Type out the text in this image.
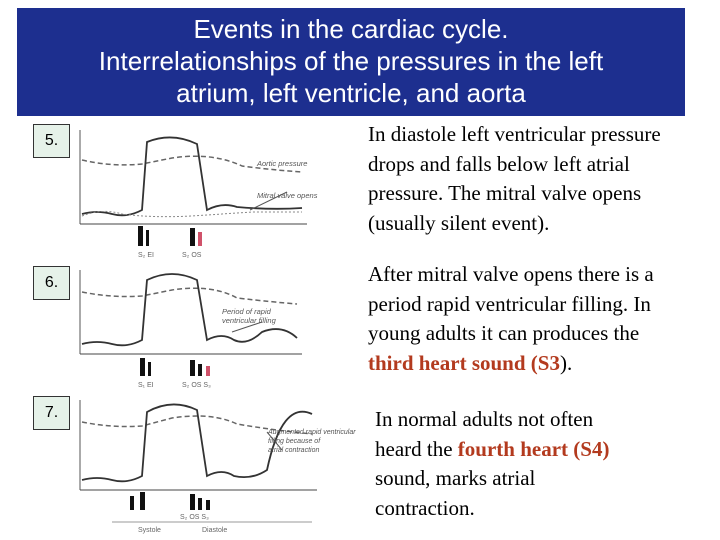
Events in the cardiac cycle.
Interrelationships of the pressures in the left
atrium, left ventricle, and aorta
5.
Aortic pressure
Mitral valve opens
S₂ EI	S₂ OS
In diastole left ventricular pressure
drops and falls below left atrial
pressure. The mitral valve opens
(usually silent event).
6.
Period of rapid
ventricular filling
S₁ EI	S₂ OS S₃
After mitral valve opens there is a
period rapid ventricular filling. In
young adults it can produces the
third heart sound (S3).
7.
Augmented rapid ventricular
filling because of
atrial contraction
S₂ OS S₃
Systole	Diastole
In normal adults not often
heard the fourth heart (S4)
sound, marks atrial
contraction.
